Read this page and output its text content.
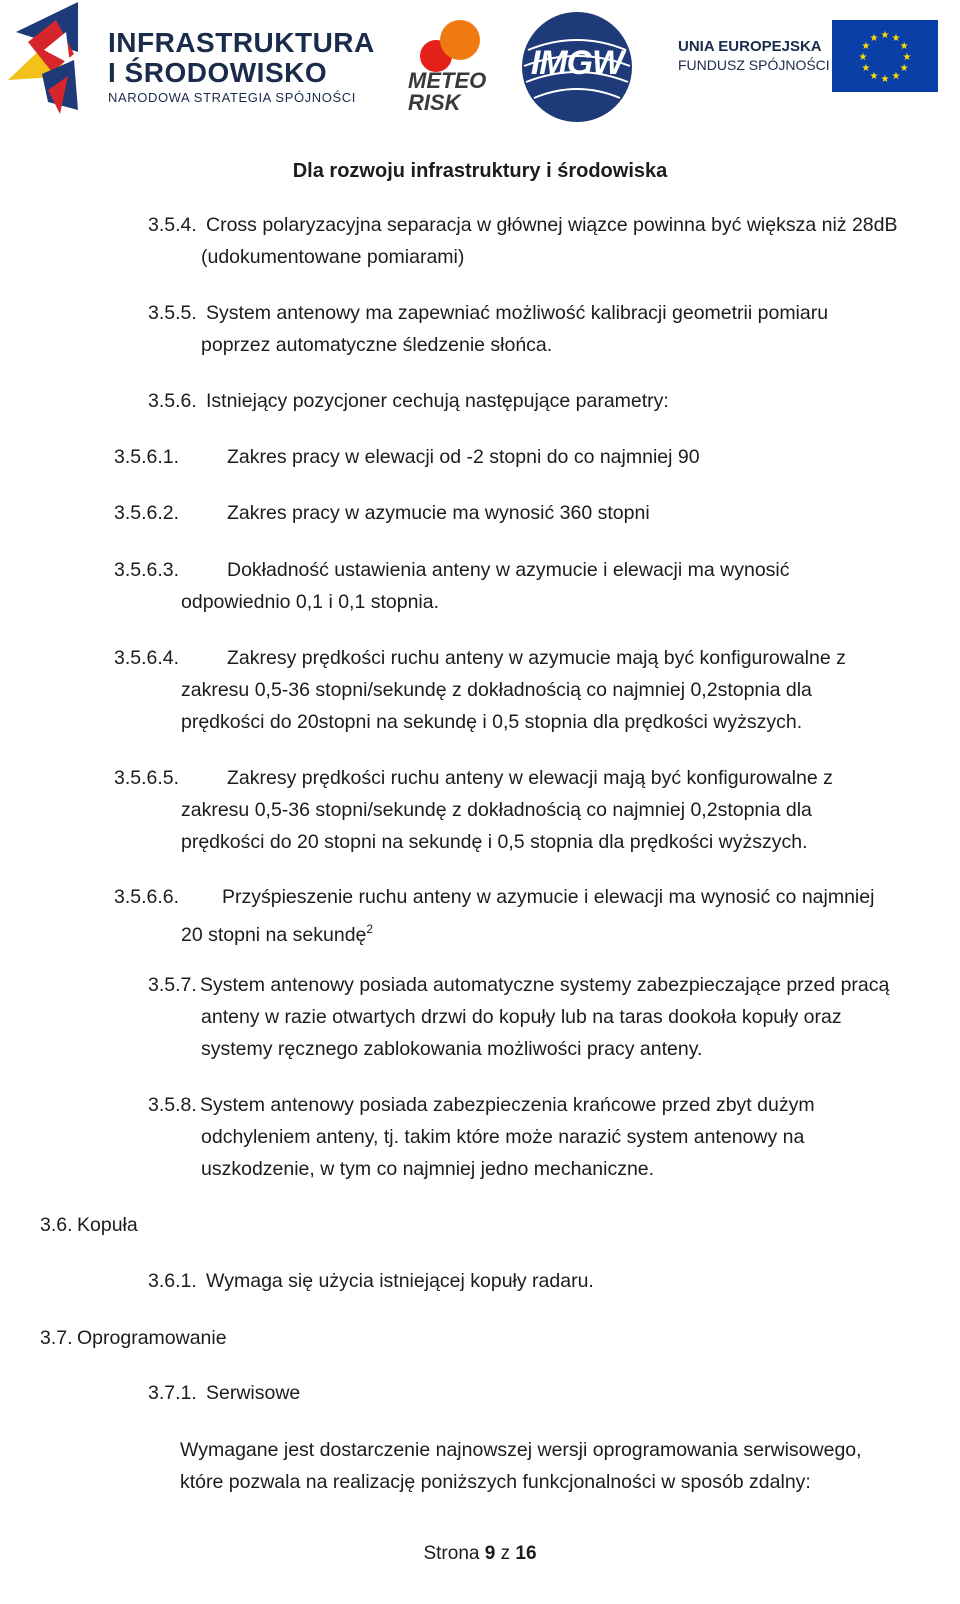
INFRASTRUKTURA
I ŚRODOWISKO
NARODOWA STRATEGIA SPÓJNOŚCI
METEO
RISK
IMGW	UNIA EUROPEJSKA
FUNDUSZ SPÓJNOŚCI	★
★
★
★
★
★
★
★
★ ★ ★
★
Dla rozwoju infrastruktury i środowiska
3.5.4. Cross polaryzacyjna separacja w głównej wiązce powinna być większa niż 28dB
(udokumentowane pomiarami)
3.5.5. System antenowy ma zapewniać możliwość kalibracji geometrii pomiaru
poprzez automatyczne śledzenie słońca.
3.5.6. Istniejący pozycjoner cechują następujące parametry:
3.5.6.1. Zakres pracy w elewacji od -2 stopni do co najmniej 90
3.5.6.2. Zakres pracy w azymucie ma wynosić 360 stopni
3.5.6.3. Dokładność ustawienia anteny w azymucie i elewacji ma wynosić
odpowiednio 0,1 i 0,1 stopnia.
3.5.6.4. Zakresy prędkości ruchu anteny w azymucie mają być konfigurowalne z
zakresu 0,5-36 stopni/sekundę z dokładnością co najmniej 0,2stopnia dla
prędkości do 20stopni na sekundę i 0,5 stopnia dla prędkości wyższych.
3.5.6.5. Zakresy prędkości ruchu anteny w elewacji mają być konfigurowalne z
zakresu 0,5-36 stopni/sekundę z dokładnością co najmniej 0,2stopnia dla
prędkości do 20 stopni na sekundę i 0,5 stopnia dla prędkości wyższych.
3.5.6.6. Przyśpieszenie ruchu anteny w azymucie i elewacji ma wynosić co najmniej
20 stopni na sekundę$^2$
3.5.7. System antenowy posiada automatyczne systemy zabezpieczające przed pracą
anteny w razie otwartych drzwi do kopuły lub na taras dookoła kopuły oraz
systemy ręcznego zablokowania możliwości pracy anteny.
3.5.8. System antenowy posiada zabezpieczenia krańcowe przed zbyt dużym
odchyleniem anteny, tj. takim które może narazić system antenowy na
uszkodzenie, w tym co najmniej jedno mechaniczne.
3.6. Kopuła
3.6.1. Wymaga się użycia istniejącej kopuły radaru.
3.7. Oprogramowanie
3.7.1. Serwisowe
Wymagane jest dostarczenie najnowszej wersji oprogramowania serwisowego,
które pozwala na realizację poniższych funkcjonalności w sposób zdalny:
Strona 9 z 16
